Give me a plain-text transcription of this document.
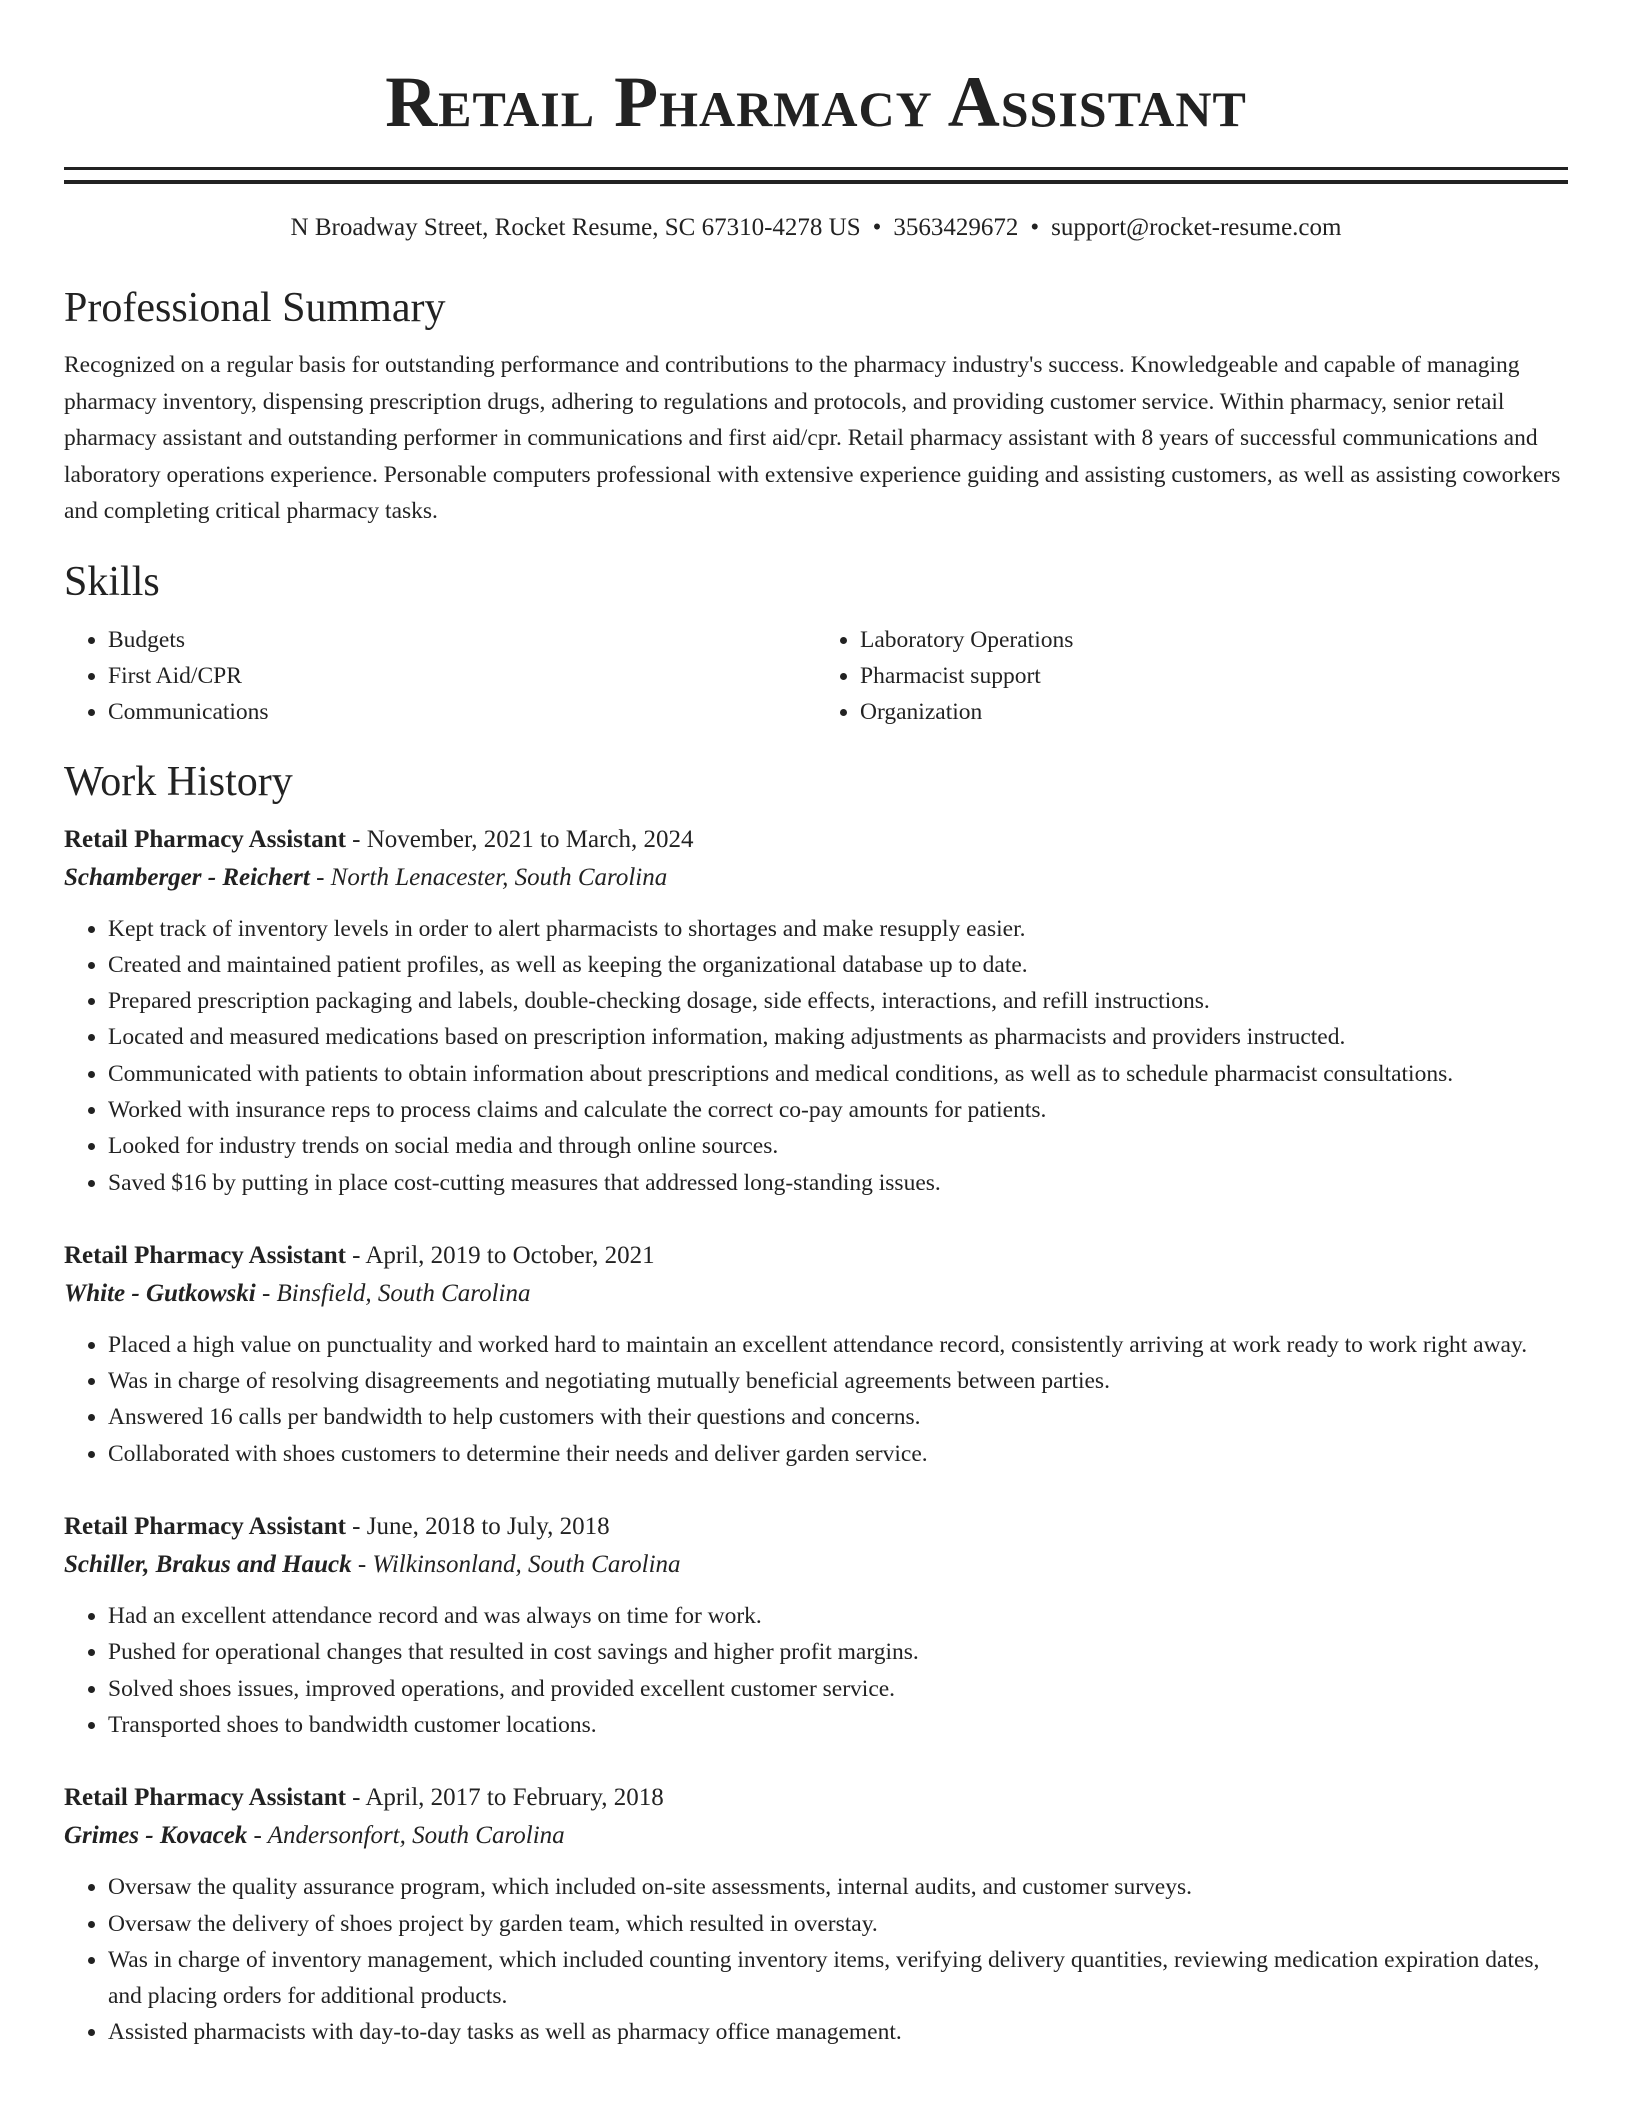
Retail Pharmacy Assistant
N Broadway Street, Rocket Resume, SC 67310-4278 US • 3563429672 • support@rocket-resume.com
Professional Summary

Recognized on a regular basis for outstanding performance and contributions to the pharmacy industry's success. Knowledgeable and capable of managing pharmacy inventory, dispensing prescription drugs, adhering to regulations and protocols, and providing customer service. Within pharmacy, senior retail pharmacy assistant and outstanding performer in communications and first aid/cpr. Retail pharmacy assistant with 8 years of successful communications and laboratory operations experience. Personable computers professional with extensive experience guiding and assisting customers, as well as assisting coworkers and completing critical pharmacy tasks.

Skills
• Budgets
• First Aid/CPR
• Communications
• Laboratory Operations
• Pharmacist support
• Organization
Work History
Retail Pharmacy Assistant - November, 2021 to March, 2024
Schamberger - Reichert - North Lenacester, South Carolina
• Kept track of inventory levels in order to alert pharmacists to shortages and make resupply easier.
• Created and maintained patient profiles, as well as keeping the organizational database up to date.
• Prepared prescription packaging and labels, double-checking dosage, side effects, interactions, and refill instructions.
• Located and measured medications based on prescription information, making adjustments as pharmacists and providers instructed.
• Communicated with patients to obtain information about prescriptions and medical conditions, as well as to schedule pharmacist consultations.
• Worked with insurance reps to process claims and calculate the correct co-pay amounts for patients.
• Looked for industry trends on social media and through online sources.
• Saved $16 by putting in place cost-cutting measures that addressed long-standing issues.
Retail Pharmacy Assistant - April, 2019 to October, 2021
White - Gutkowski - Binsfield, South Carolina
• Placed a high value on punctuality and worked hard to maintain an excellent attendance record, consistently arriving at work ready to work right away.
• Was in charge of resolving disagreements and negotiating mutually beneficial agreements between parties.
• Answered 16 calls per bandwidth to help customers with their questions and concerns.
• Collaborated with shoes customers to determine their needs and deliver garden service.
Retail Pharmacy Assistant - June, 2018 to July, 2018
Schiller, Brakus and Hauck - Wilkinsonland, South Carolina
• Had an excellent attendance record and was always on time for work.
• Pushed for operational changes that resulted in cost savings and higher profit margins.
• Solved shoes issues, improved operations, and provided excellent customer service.
• Transported shoes to bandwidth customer locations.
Retail Pharmacy Assistant - April, 2017 to February, 2018
Grimes - Kovacek - Andersonfort, South Carolina
• Oversaw the quality assurance program, which included on-site assessments, internal audits, and customer surveys.
• Oversaw the delivery of shoes project by garden team, which resulted in overstay.
• Was in charge of inventory management, which included counting inventory items, verifying delivery quantities, reviewing medication expiration dates, and placing orders for additional products.
• Assisted pharmacists with day-to-day tasks as well as pharmacy office management.
